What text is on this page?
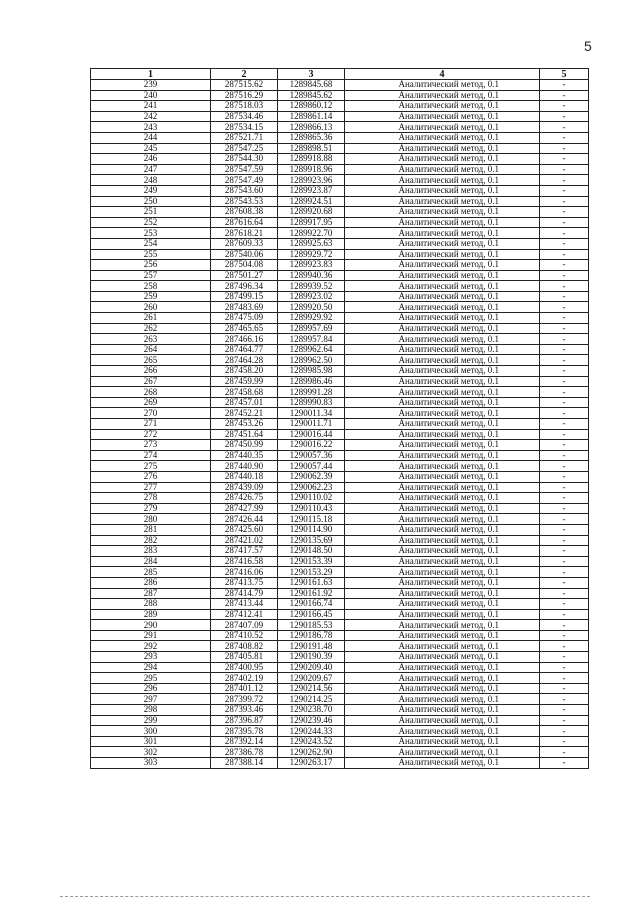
5
1	2	3	4	5
239	287515.62	1289845.68	Аналитический метод, 0.1	-
240	287516.29	1289845.62	Аналитический метод, 0.1	-
241	287518.03	1289860.12	Аналитический метод, 0.1	-
242	287534.46	1289861.14	Аналитический метод, 0.1	-
243	287534.15	1289866.13	Аналитический метод, 0.1	-
244	287521.71	1289865.36	Аналитический метод, 0.1	-
245	287547.25	1289898.51	Аналитический метод, 0.1	-
246	287544.30	1289918.88	Аналитический метод, 0.1	-
247	287547.59	1289918.96	Аналитический метод, 0.1	-
248	287547.49	1289923.96	Аналитический метод, 0.1	-
249	287543.60	1289923.87	Аналитический метод, 0.1	-
250	287543.53	1289924.51	Аналитический метод, 0.1	-
251	287608.38	1289920.68	Аналитический метод, 0.1	-
252	287616.64	1289917.95	Аналитический метод, 0.1	-
253	287618.21	1289922.70	Аналитический метод, 0.1	-
254	287609.33	1289925.63	Аналитический метод, 0.1	-
255	287540.06	1289929.72	Аналитический метод, 0.1	-
256	287504.08	1289923.83	Аналитический метод, 0.1	-
257	287501.27	1289940.36	Аналитический метод, 0.1	-
258	287496.34	1289939.52	Аналитический метод, 0.1	-
259	287499.15	1289923.02	Аналитический метод, 0.1	-
260	287483.69	1289920.50	Аналитический метод, 0.1	-
261	287475.09	1289929.92	Аналитический метод, 0.1	-
262	287465.65	1289957.69	Аналитический метод, 0.1	-
263	287466.16	1289957.84	Аналитический метод, 0.1	-
264	287464.77	1289962.64	Аналитический метод, 0.1	-
265	287464.28	1289962.50	Аналитический метод, 0.1	-
266	287458.20	1289985.98	Аналитический метод, 0.1	-
267	287459.99	1289986.46	Аналитический метод, 0.1	-
268	287458.68	1289991.28	Аналитический метод, 0.1	-
269	287457.01	1289990.83	Аналитический метод, 0.1	-
270	287452.21	1290011.34	Аналитический метод, 0.1	-
271	287453.26	1290011.71	Аналитический метод, 0.1	-
272	287451.64	1290016.44	Аналитический метод, 0.1	-
273	287450.99	1290016.22	Аналитический метод, 0.1	-
274	287440.35	1290057.36	Аналитический метод, 0.1	-
275	287440.90	1290057.44	Аналитический метод, 0.1	-
276	287440.18	1290062.39	Аналитический метод, 0.1	-
277	287439.09	1290062.23	Аналитический метод, 0.1	-
278	287426.75	1290110.02	Аналитический метод, 0.1	-
279	287427.99	1290110.43	Аналитический метод, 0.1	-
280	287426.44	1290115.18	Аналитический метод, 0.1	-
281	287425.60	1290114.90	Аналитический метод, 0.1	-
282	287421.02	1290135.69	Аналитический метод, 0.1	-
283	287417.57	1290148.50	Аналитический метод, 0.1	-
284	287416.58	1290153.39	Аналитический метод, 0.1	-
285	287416.06	1290153.29	Аналитический метод, 0.1	-
286	287413.75	1290161.63	Аналитический метод, 0.1	-
287	287414.79	1290161.92	Аналитический метод, 0.1	-
288	287413.44	1290166.74	Аналитический метод, 0.1	-
289	287412.41	1290166.45	Аналитический метод, 0.1	-
290	287407.09	1290185.53	Аналитический метод, 0.1	-
291	287410.52	1290186.78	Аналитический метод, 0.1	-
292	287408.82	1290191.48	Аналитический метод, 0.1	-
293	287405.81	1290190.39	Аналитический метод, 0.1	-
294	287400.95	1290209.40	Аналитический метод, 0.1	-
295	287402.19	1290209.67	Аналитический метод, 0.1	-
296	287401.12	1290214.56	Аналитический метод, 0.1	-
297	287399.72	1290214.25	Аналитический метод, 0.1	-
298	287393.46	1290238.70	Аналитический метод, 0.1	-
299	287396.87	1290239.46	Аналитический метод, 0.1	-
300	287395.78	1290244.33	Аналитический метод, 0.1	-
301	287392.14	1290243.52	Аналитический метод, 0.1	-
302	287386.78	1290262.90	Аналитический метод, 0.1	-
303	287388.14	1290263.17	Аналитический метод, 0.1	-
